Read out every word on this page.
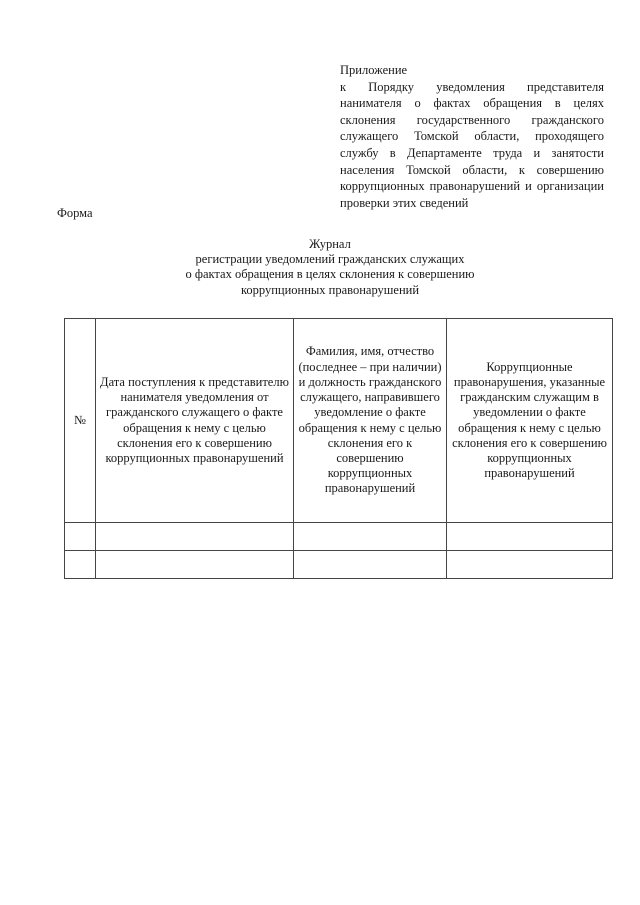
Приложение
к Порядку уведомления представителя нанимателя о фактах обращения в целях склонения государственного гражданского служащего Томской области, проходящего службу в Департаменте труда и занятости населения Томской области, к совершению коррупционных правонарушений и организации проверки этих сведений
Форма
Журнал
регистрации уведомлений гражданских служащих
о фактах обращения в целях склонения к совершению
коррупционных правонарушений
№	Дата поступления к представителю нанимателя уведомления от гражданского служащего о факте обращения к нему с целью склонения его к совершению коррупционных правонарушений	Фамилия, имя, отчество (последнее – при наличии) и должность гражданского служащего, направившего уведомление о факте обращения к нему с целью склонения его к совершению коррупционных правонарушений	Коррупционные правонарушения, указанные гражданским служащим в уведомлении о факте обращения к нему с целью склонения его к совершению коррупционных правонарушений
